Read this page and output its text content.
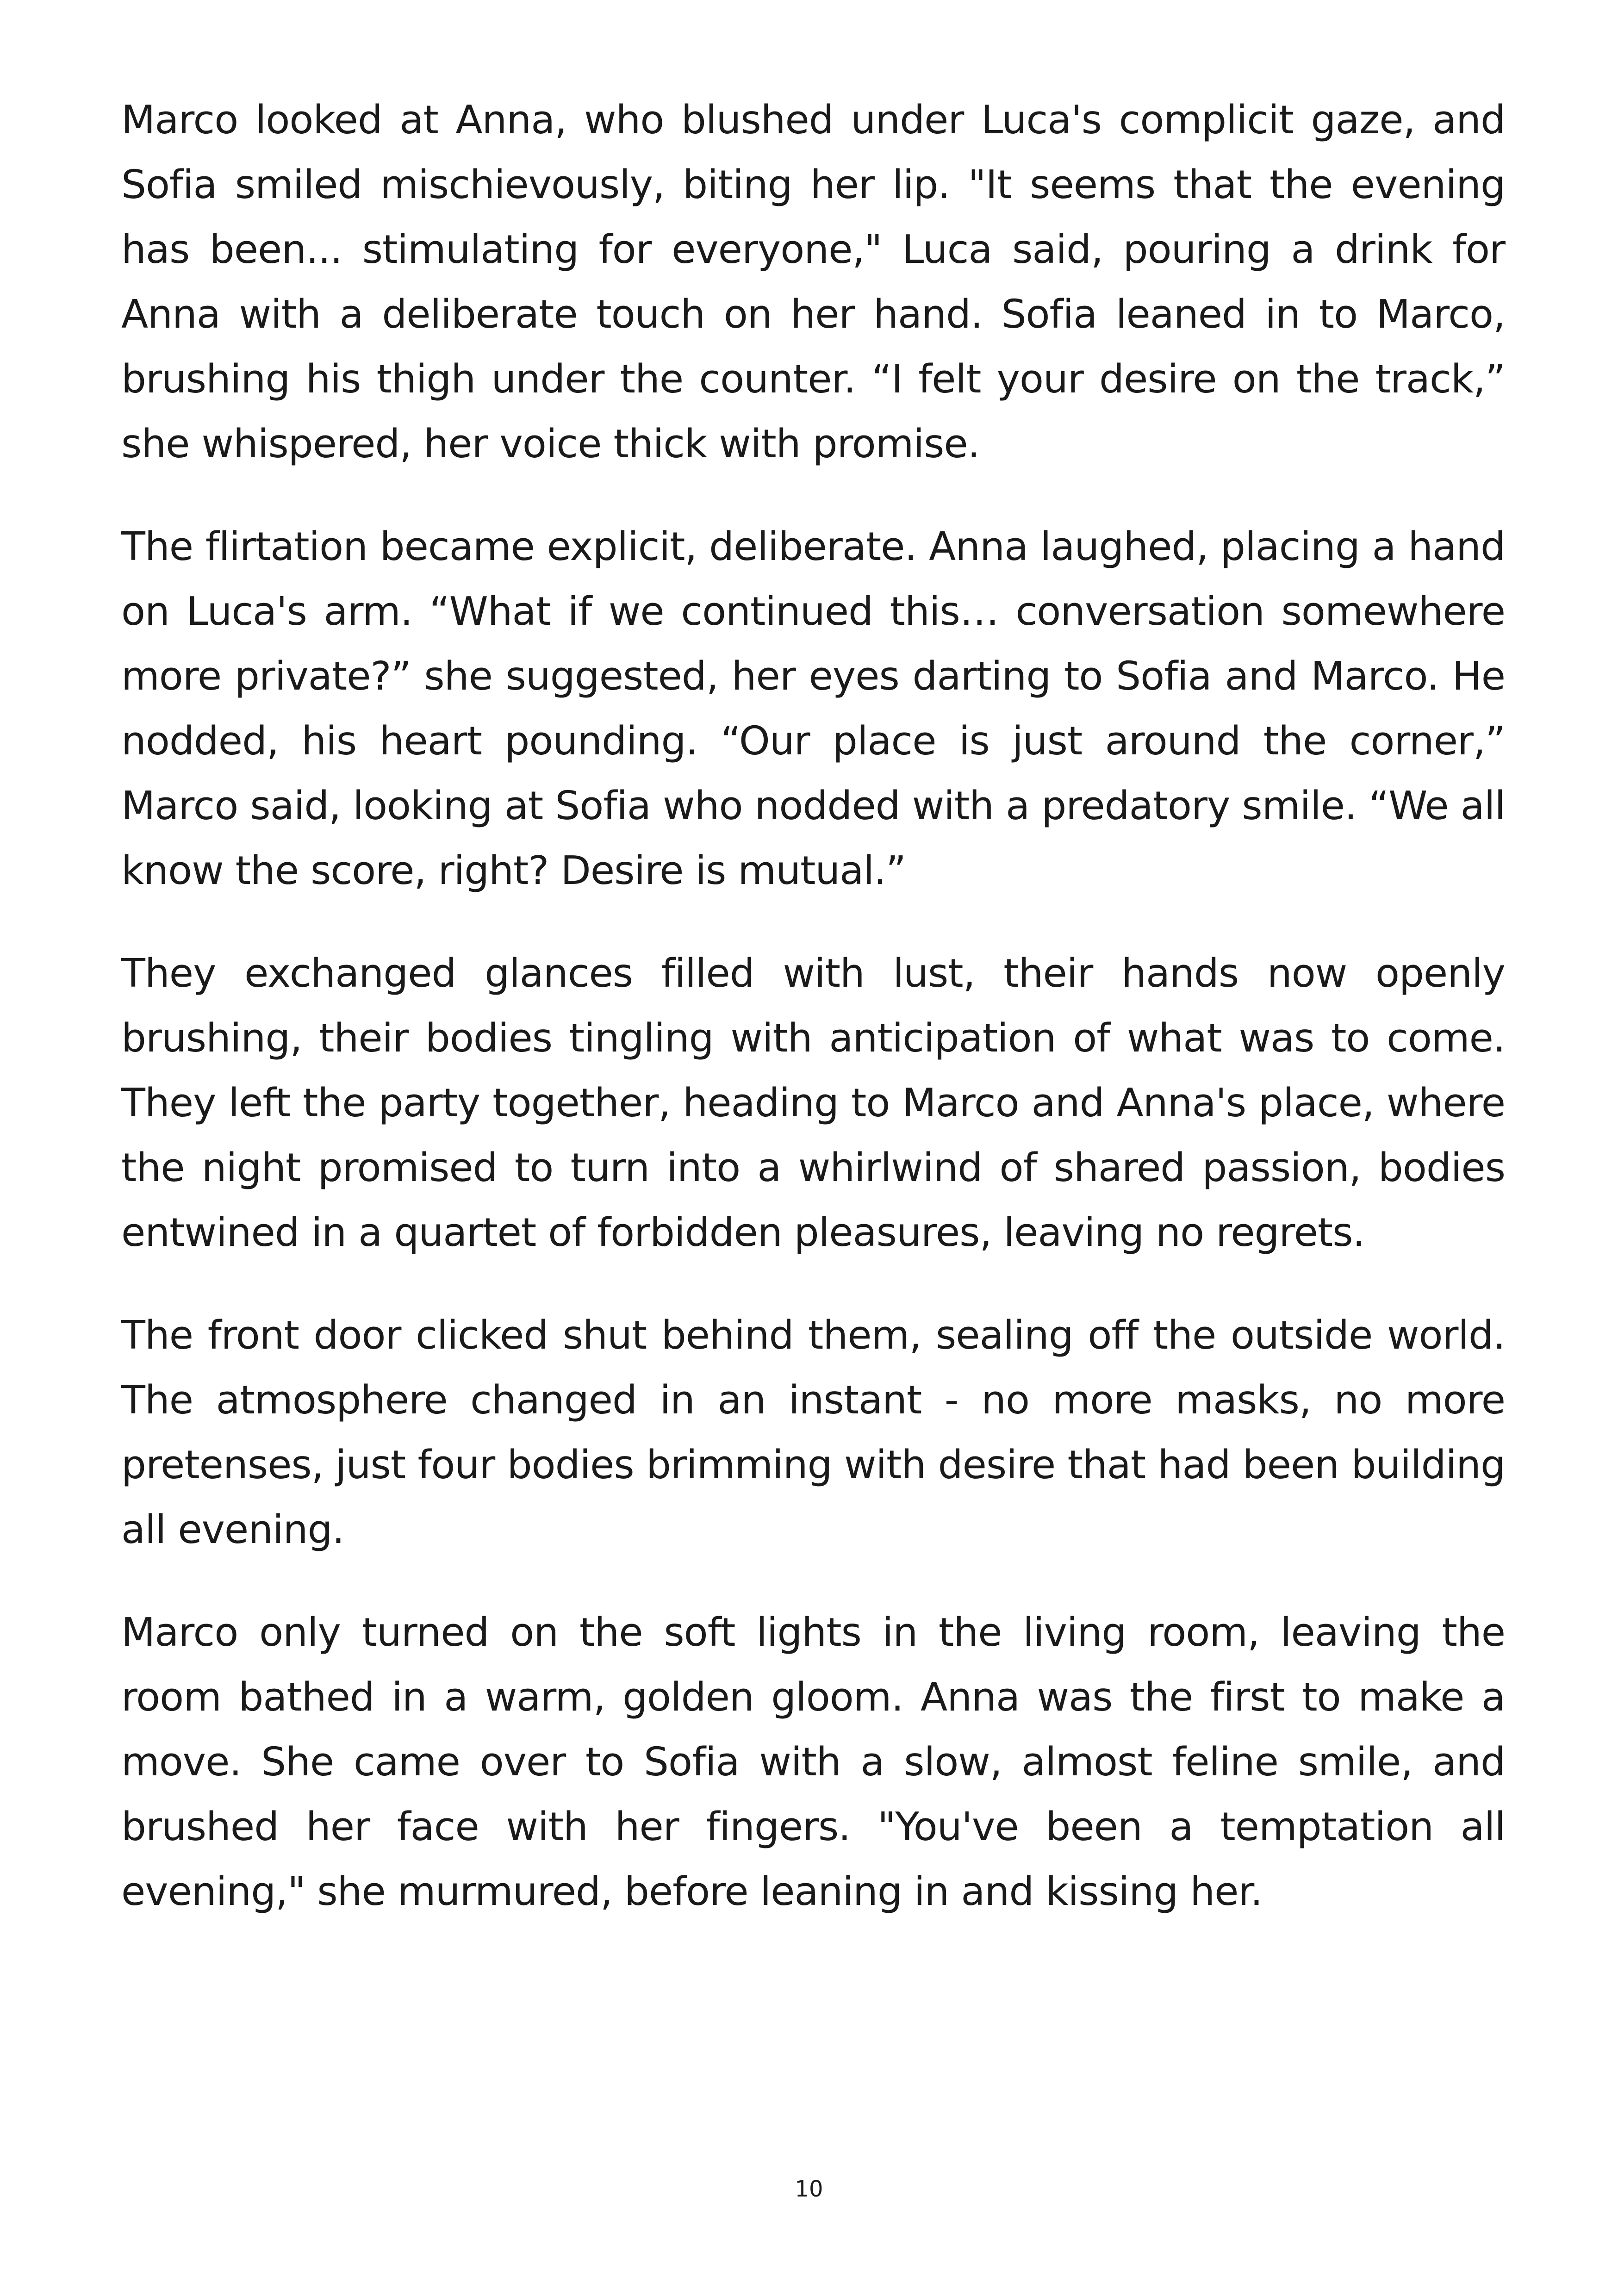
Marco looked at Anna, who blushed under Luca's complicit gaze, and Sofia smiled mischievously, biting her lip. "It seems that the evening has been... stimulating for everyone," Luca said, pouring a drink for Anna with a deliberate touch on her hand. Sofia leaned in to Marco, brushing his thigh under the counter. “I felt your desire on the track,” she whispered, her voice thick with promise.

The flirtation became explicit, deliberate. Anna laughed, placing a hand on Luca's arm. “What if we continued this… conversation somewhere more private?” she suggested, her eyes darting to Sofia and Marco. He nodded, his heart pounding. “Our place is just around the corner,” Marco said, looking at Sofia who nodded with a predatory smile. “We all know the score, right? Desire is mutual.”

They exchanged glances filled with lust, their hands now openly brushing, their bodies tingling with anticipation of what was to come. They left the party together, heading to Marco and Anna's place, where the night promised to turn into a whirlwind of shared passion, bodies entwined in a quartet of forbidden pleasures, leaving no regrets.

The front door clicked shut behind them, sealing off the outside world. The atmosphere changed in an instant - no more masks, no more pretenses, just four bodies brimming with desire that had been building all evening.

Marco only turned on the soft lights in the living room, leaving the room bathed in a warm, golden gloom. Anna was the first to make a move. She came over to Sofia with a slow, almost feline smile, and brushed her face with her fingers. "You've been a temptation all evening," she murmured, before leaning in and kissing her.

10
